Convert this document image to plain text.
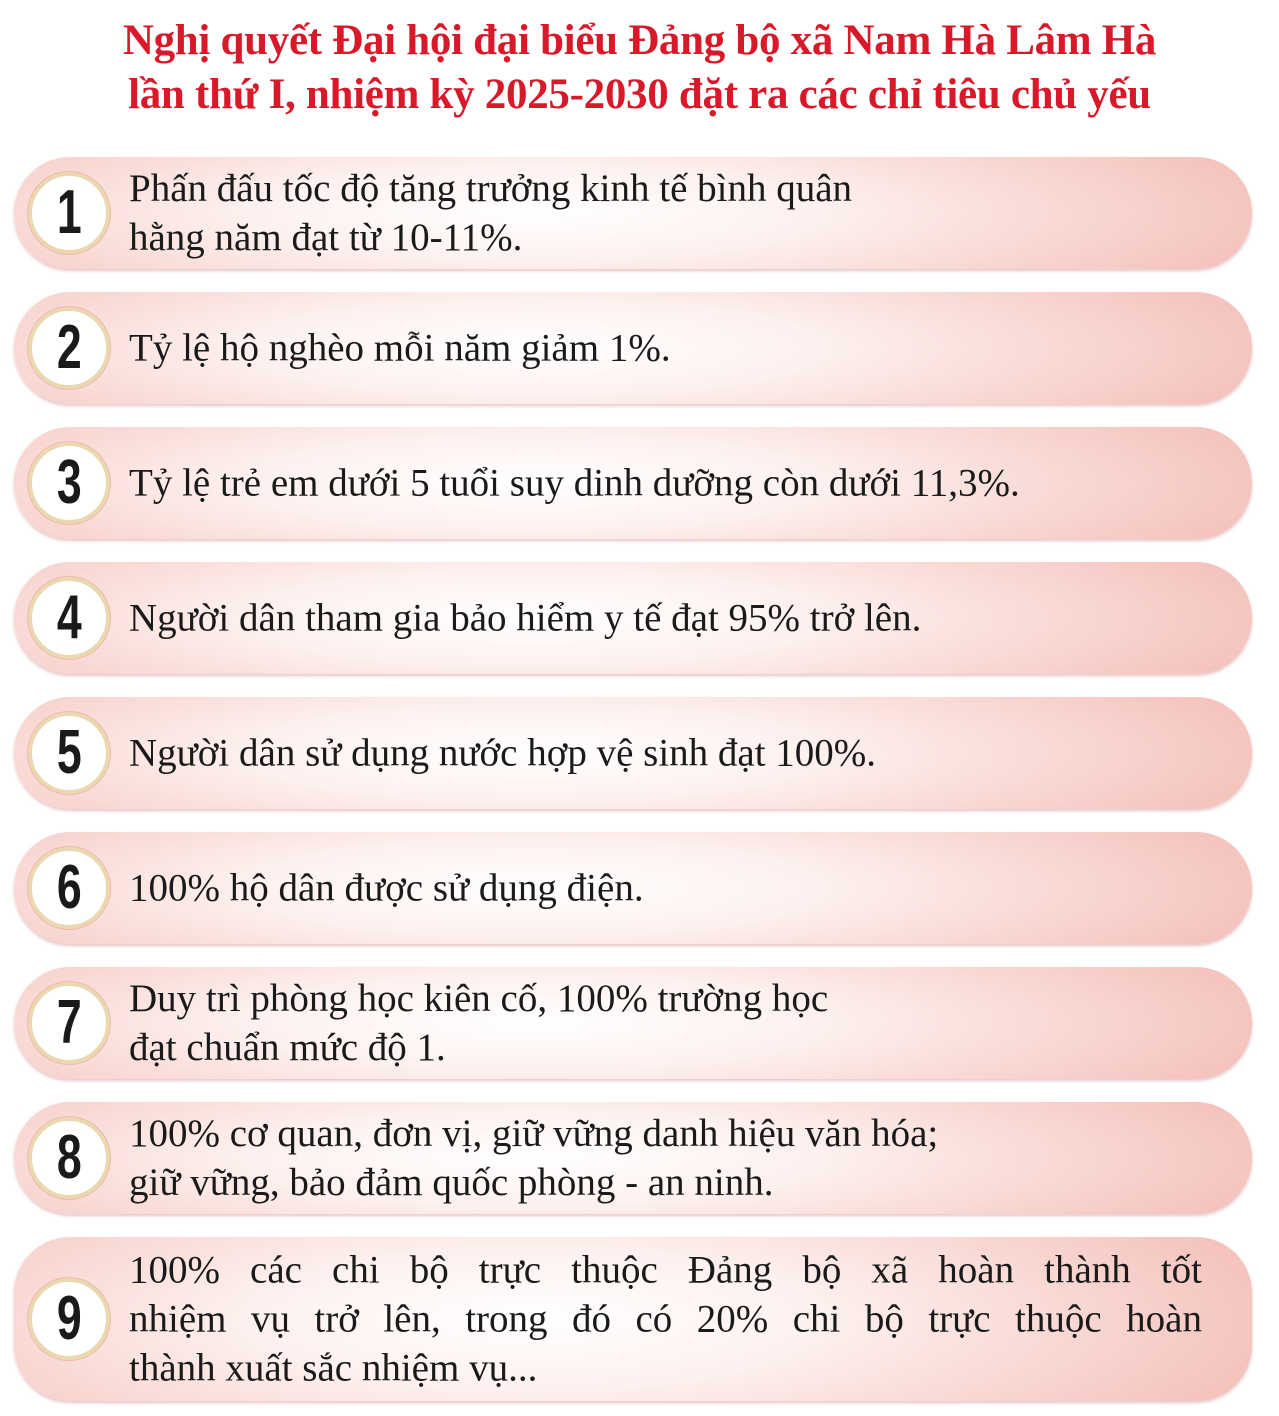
Nghị quyết Đại hội đại biểu Đảng bộ xã Nam Hà Lâm Hà
lần thứ I, nhiệm kỳ 2025-2030 đặt ra các chỉ tiêu chủ yếu
1 Phấn đấu tốc độ tăng trưởng kinh tế bình quân
hằng năm đạt từ 10-11%.
2 Tỷ lệ hộ nghèo mỗi năm giảm 1%.
3 Tỷ lệ trẻ em dưới 5 tuổi suy dinh dưỡng còn dưới 11,3%.
4 Người dân tham gia bảo hiểm y tế đạt 95% trở lên.
5 Người dân sử dụng nước hợp vệ sinh đạt 100%.
6 100% hộ dân được sử dụng điện.
7 Duy trì phòng học kiên cố, 100% trường học
đạt chuẩn mức độ 1.
8 100% cơ quan, đơn vị, giữ vững danh hiệu văn hóa;
giữ vững, bảo đảm quốc phòng - an ninh.
9
100% các chi bộ trực thuộc Đảng bộ xã hoàn thành tốt
nhiệm vụ trở lên, trong đó có 20% chi bộ trực thuộc hoàn
thành xuất sắc nhiệm vụ...
